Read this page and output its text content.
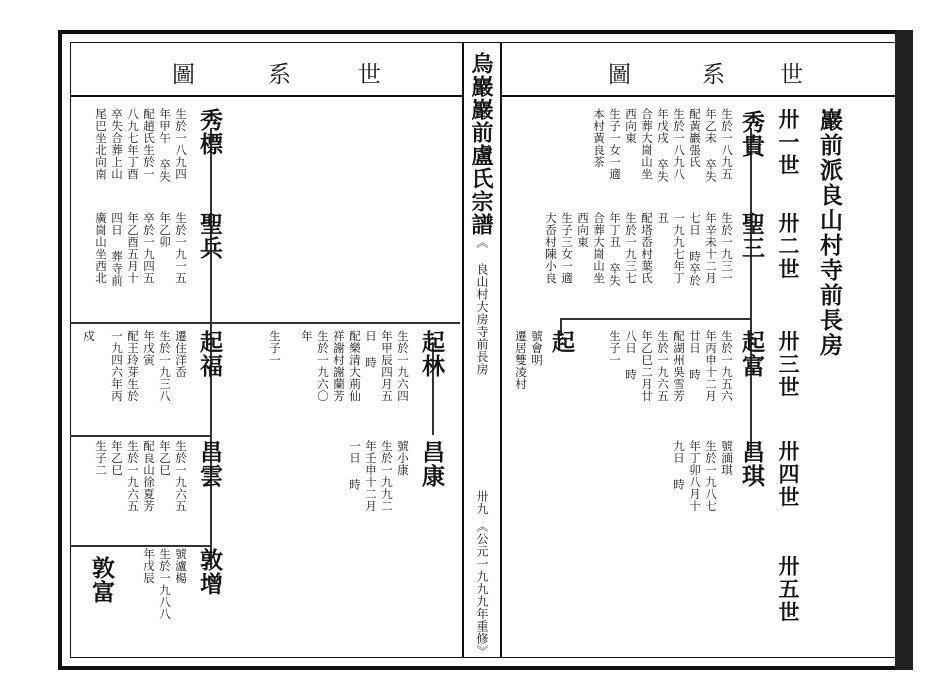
圖	系	世	圖	系 世
烏巖巖前盧氏宗譜
《 良山村大房寺前長房
卅九
《公元一九九九年重修》
巖前派良山村寺前長房
卅一世
卅二世
卅三世
卅四世
卅五世
秀貴
生於一八九五
年乙未 卒失
配黃巖張氏
生於一八九八
年戊戌 卒失
合葬大崗山坐
西向東
生子一女一適
本村黃良茶
聖三
生於一九三一
年辛未十二月
七日 時卒於
一九九七年丁
丑
配塔岙村葉氏
生於一九三七
年丁丑 卒失
合葬大崗山坐
西向東
生子三女一適
大岙村陳小良
起富
生於一九五六
年丙申十二月
廿日 時
配湖州吳雪芳
生於一九六五
年乙巳二月廿
八日 時
生子一
起
號會明
遷居雙凌村
昌琪
號湎琪
生於一九八七
年丁卯八月十
九日 時
秀標
生於一八九四
年甲午 卒失
配趙氏生於一
八九七年丁酉
卒失合葬上山
尾巴坐北向南
聖兵
生於一九一五
年乙卯
卒於一九四五
年乙酉五月十
四日 葬寺前
廣崗山坐西北
起林
生於一九六四
年甲辰四月五
日 時
配樂清大荊仙
祥謝村謝蘭芳
生於一九六〇
年
生子一
昌康
號小康
生於一九九二
年壬申十二月
一日 時
起福
遷住洋岙
生於一九三八
年戊寅
配王玲芽生於
一九四六年丙
戍
昌雲
生於一九六五
年乙巳
配良山徐夏芳
生於一九六五
年乙巳
生子二
敦增
號瀘楊
生於一九八八
年戊辰
敦富
